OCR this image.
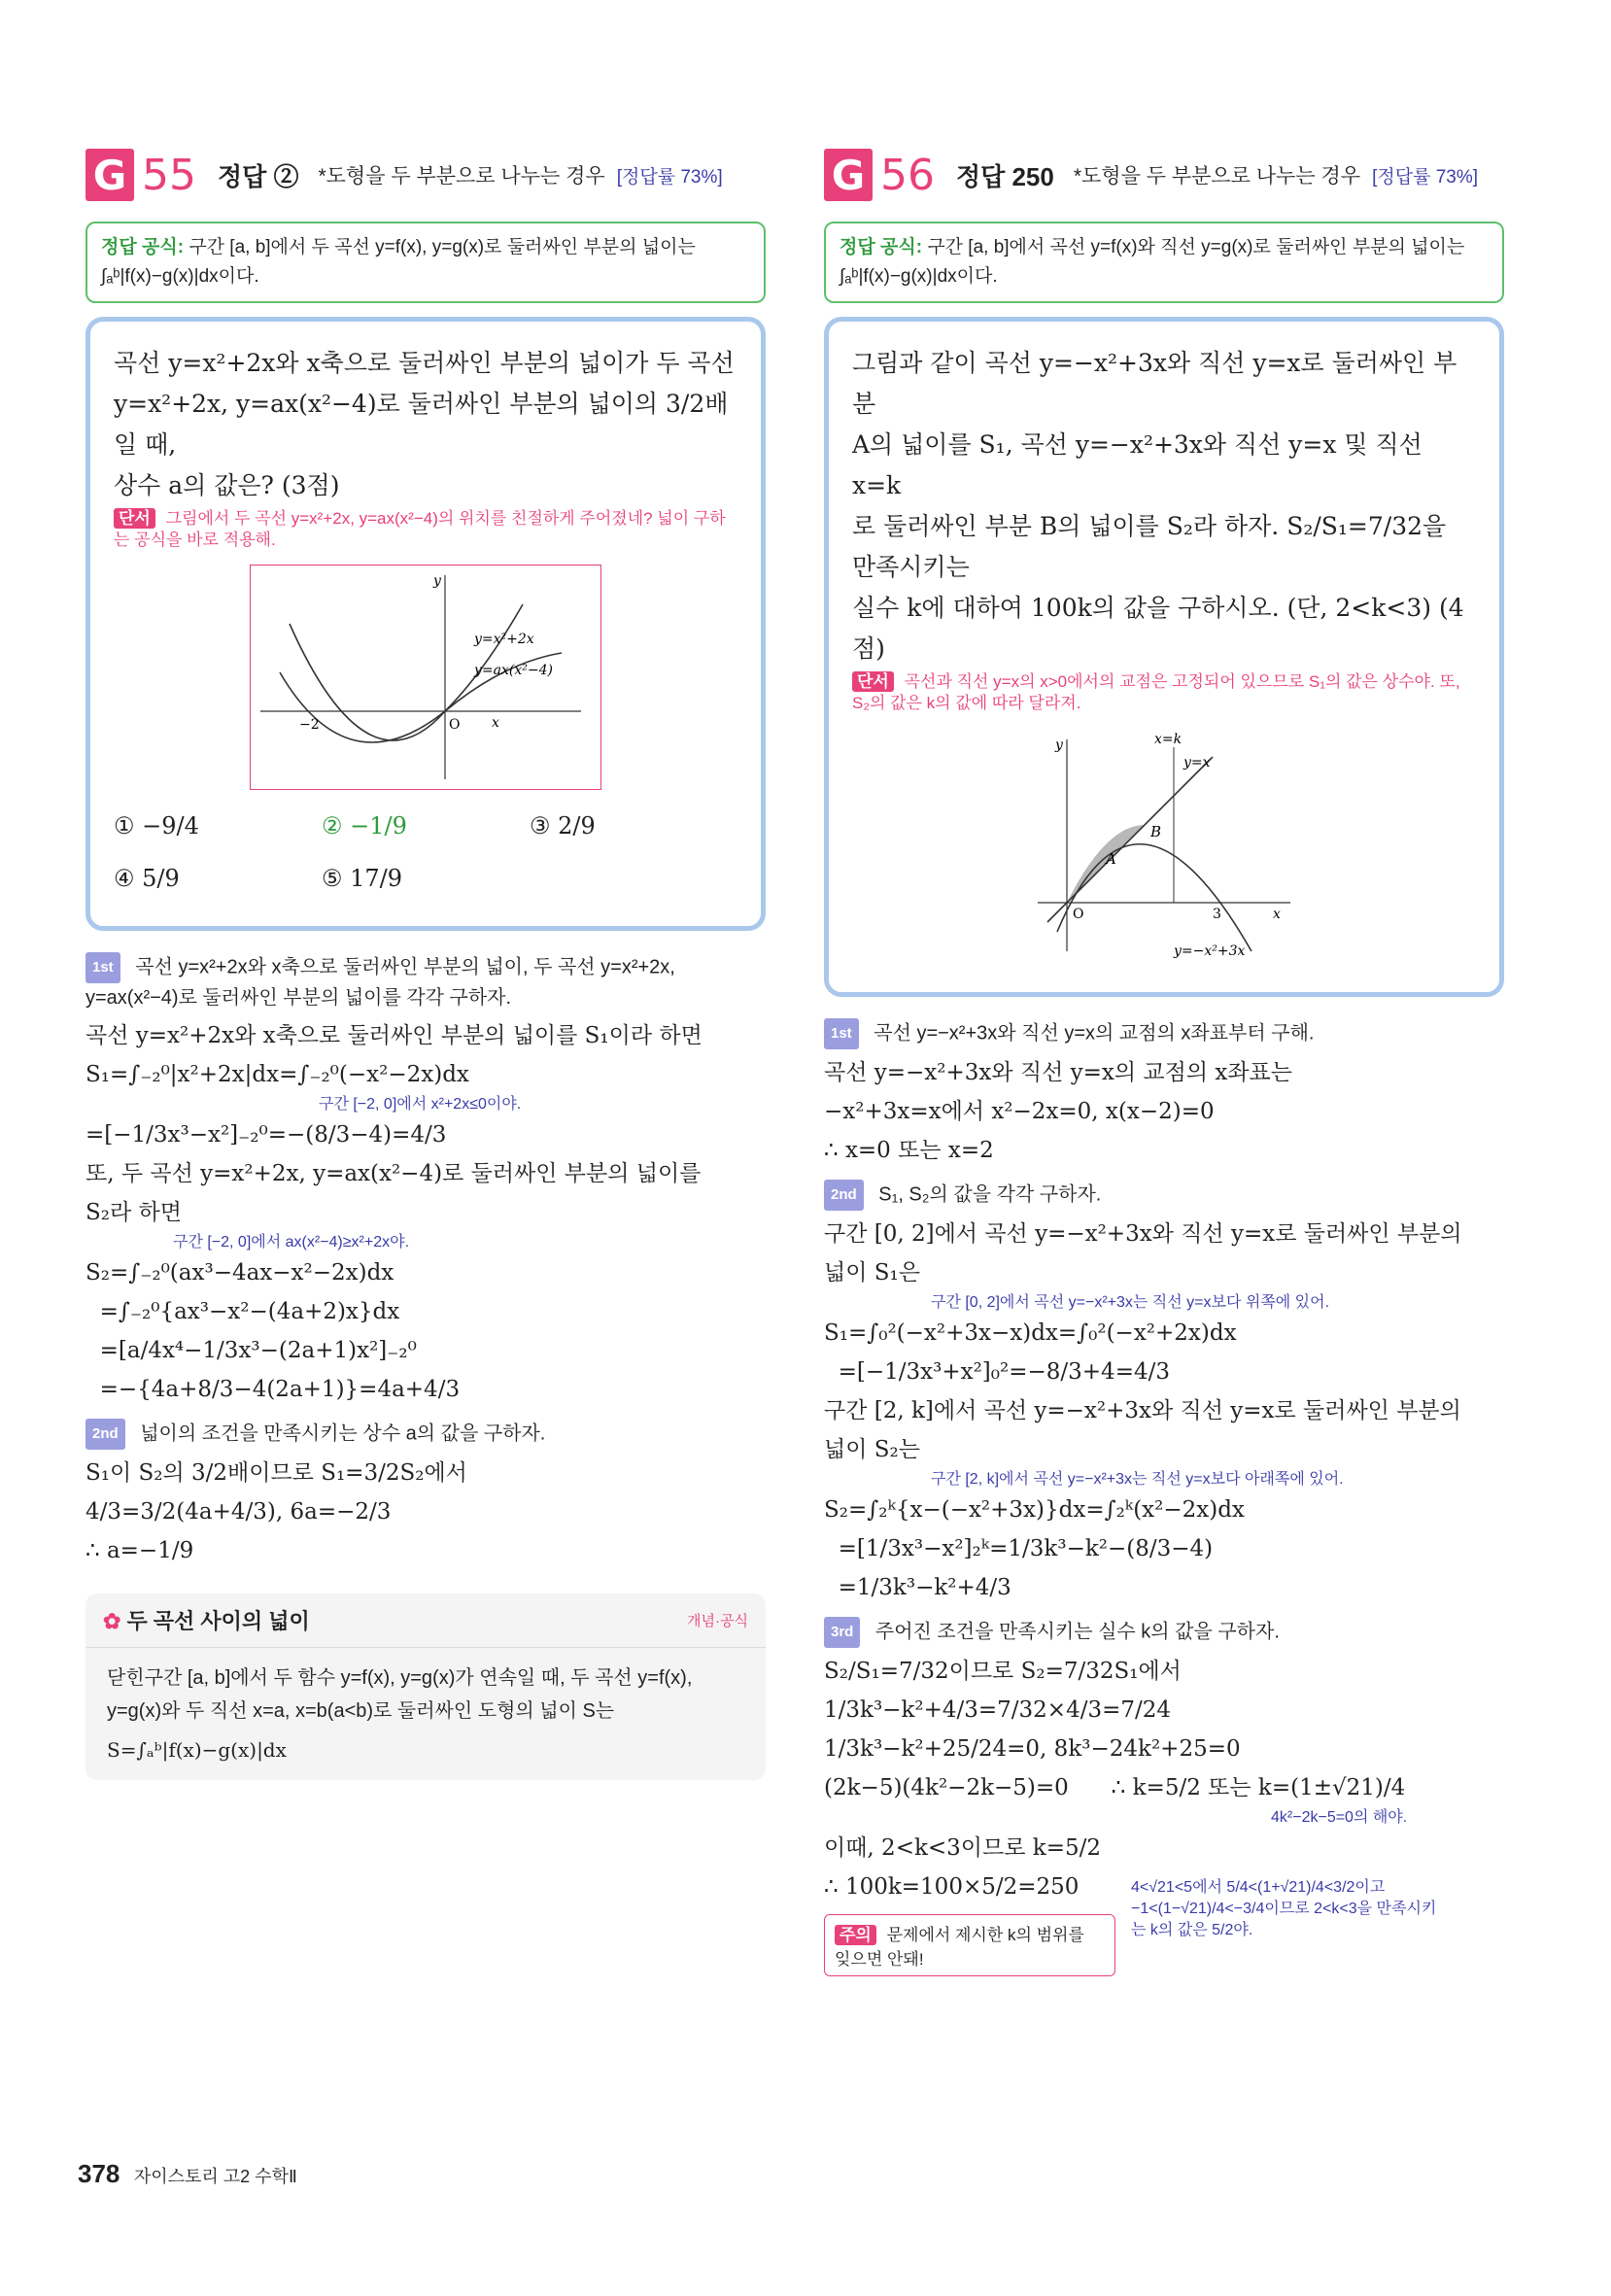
G 55 정답 ② *도형을 두 부분으로 나누는 경우 [정답률 73%]
정답 공식: 구간 [a, b]에서 두 곡선 y=f(x), y=g(x)로 둘러싸인 부분의 넓이는 ∫ₐᵇ|f(x)−g(x)|dx이다.
곡선 y=x²+2x와 x축으로 둘러싸인 부분의 넓이가 두 곡선
y=x²+2x, y=ax(x²−4)로 둘러싸인 부분의 넓이의 3/2배일 때,
상수 a의 값은? (3점)
단서 그림에서 두 곡선 y=x²+2x, y=ax(x²−4)의 위치를 친절하게 주어졌네? 넓이 구하는 공식을 바로 적용해.
y
x
O
−2
y=x²+2x
y=ax(x²−4)
① −9/4	② −1/9	③ 2/9
④ 5/9	⑤ 17/9
1st 곡선 y=x²+2x와 x축으로 둘러싸인 부분의 넓이, 두 곡선 y=x²+2x, y=ax(x²−4)로 둘러싸인 부분의 넓이를 각각 구하자.
곡선 y=x²+2x와 x축으로 둘러싸인 부분의 넓이를 S₁이라 하면
S₁=∫₋₂⁰|x²+2x|dx=∫₋₂⁰(−x²−2x)dx
구간 [−2, 0]에서 x²+2x≤0이야.
=[−1/3x³−x²]₋₂⁰=−(8/3−4)=4/3
또, 두 곡선 y=x²+2x, y=ax(x²−4)로 둘러싸인 부분의 넓이를
S₂라 하면
구간 [−2, 0]에서 ax(x²−4)≥x²+2x야.
S₂=∫₋₂⁰(ax³−4ax−x²−2x)dx
=∫₋₂⁰{ax³−x²−(4a+2)x}dx
=[a/4x⁴−1/3x³−(2a+1)x²]₋₂⁰
=−{4a+8/3−4(2a+1)}=4a+4/3
2nd 넓이의 조건을 만족시키는 상수 a의 값을 구하자.
S₁이 S₂의 3/2배이므로 S₁=3/2S₂에서
4/3=3/2(4a+4/3), 6a=−2/3
∴ a=−1/9
✿ 두 곡선 사이의 넓이	개념·공식
닫힌구간 [a, b]에서 두 함수 y=f(x), y=g(x)가 연속일 때, 두 곡선 y=f(x), y=g(x)와 두 직선 x=a, x=b(a<b)로 둘러싸인 도형의 넓이 S는
S=∫ₐᵇ|f(x)−g(x)|dx
G 56 정답 250 *도형을 두 부분으로 나누는 경우 [정답률 73%]
정답 공식: 구간 [a, b]에서 곡선 y=f(x)와 직선 y=g(x)로 둘러싸인 부분의 넓이는 ∫ₐᵇ|f(x)−g(x)|dx이다.
그림과 같이 곡선 y=−x²+3x와 직선 y=x로 둘러싸인 부분
A의 넓이를 S₁, 곡선 y=−x²+3x와 직선 y=x 및 직선 x=k
로 둘러싸인 부분 B의 넓이를 S₂라 하자. S₂/S₁=7/32을 만족시키는
실수 k에 대하여 100k의 값을 구하시오. (단, 2<k<3) (4점)
단서 곡선과 직선 y=x의 x>0에서의 교점은 고정되어 있으므로 S₁의 값은 상수야. 또, S₂의 값은 k의 값에 따라 달라져.
y
x
O	3
A
B
x=k
y=x
y=−x²+3x
1st 곡선 y=−x²+3x와 직선 y=x의 교점의 x좌표부터 구해.
곡선 y=−x²+3x와 직선 y=x의 교점의 x좌표는
−x²+3x=x에서 x²−2x=0, x(x−2)=0
∴ x=0 또는 x=2
2nd S₁, S₂의 값을 각각 구하자.
구간 [0, 2]에서 곡선 y=−x²+3x와 직선 y=x로 둘러싸인 부분의
넓이 S₁은
구간 [0, 2]에서 곡선 y=−x²+3x는 직선 y=x보다 위쪽에 있어.
S₁=∫₀²(−x²+3x−x)dx=∫₀²(−x²+2x)dx
=[−1/3x³+x²]₀²=−8/3+4=4/3
구간 [2, k]에서 곡선 y=−x²+3x와 직선 y=x로 둘러싸인 부분의
넓이 S₂는
구간 [2, k]에서 곡선 y=−x²+3x는 직선 y=x보다 아래쪽에 있어.
S₂=∫₂ᵏ{x−(−x²+3x)}dx=∫₂ᵏ(x²−2x)dx
=[1/3x³−x²]₂ᵏ=1/3k³−k²−(8/3−4)
=1/3k³−k²+4/3
3rd 주어진 조건을 만족시키는 실수 k의 값을 구하자.
S₂/S₁=7/32이므로 S₂=7/32S₁에서
1/3k³−k²+4/3=7/32×4/3=7/24
1/3k³−k²+25/24=0, 8k³−24k²+25=0
(2k−5)(4k²−2k−5)=0      ∴ k=5/2 또는 k=(1±√21)/4
4k²−2k−5=0의 해야.
이때, 2<k<3이므로 k=5/2
∴ 100k=100×5/2=250
주의 문제에서 제시한 k의 범위를 잊으면 안돼!
4<√21<5에서 5/4<(1+√21)/4<3/2이고 −1<(1−√21)/4<−3/4이므로 2<k<3을 만족시키는 k의 값은 5/2야.
378 자이스토리 고2 수학Ⅱ
